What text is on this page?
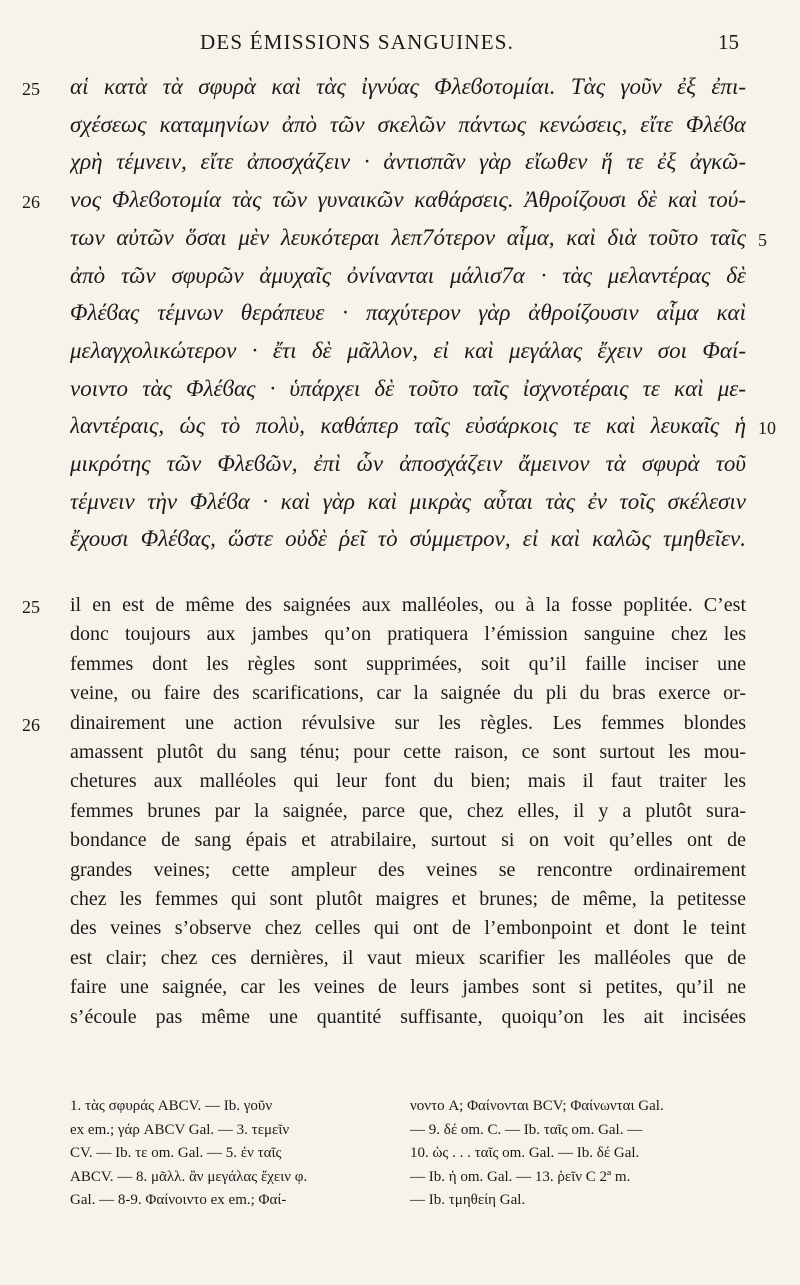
DES ÉMISSIONS SANGUINES.	15
25 αἱ κατὰ τὰ σφυρὰ καὶ τὰς ἰγνύας Φλεϐοτομίαι. Τὰς γοῦν ἐξ ἐπι-
σχέσεως καταμηνίων ἀπὸ τῶν σκελῶν πάντως κενώσεις, εἴτε Φλέϐα
χρὴ τέμνειν, εἴτε ἀποσχάζειν · ἀντισπᾶν γὰρ εἴωθεν ἥ τε ἐξ ἀγκῶ-
26 νος Φλεϐοτομία τὰς τῶν γυναικῶν καθάρσεις. Ἀθροίζουσι δὲ καὶ τού-
των αὐτῶν ὅσαι μὲν λευκότεραι λεπ7ότερον αἷμα, καὶ διὰ τοῦτο ταῖς 5
ἀπὸ τῶν σφυρῶν ἀμυχαῖς ὀνίνανται μάλισ7α · τὰς μελαντέρας δὲ
Φλέϐας τέμνων θεράπευε · παχύτερον γὰρ ἀθροίζουσιν αἷμα καὶ
μελαγχολικώτερον · ἔτι δὲ μᾶλλον, εἰ καὶ μεγάλας ἔχειν σοι Φαί-
νοιντο τὰς Φλέϐας · ὑπάρχει δὲ τοῦτο ταῖς ἰσχνοτέραις τε καὶ με-
λαντέραις, ὡς τὸ πολὺ, καθάπερ ταῖς εὐσάρκοις τε καὶ λευκαῖς ἡ 10
μικρότης τῶν Φλεϐῶν, ἐπὶ ὧν ἀποσχάζειν ἄμεινον τὰ σφυρὰ τοῦ
τέμνειν τὴν Φλέϐα · καὶ γὰρ καὶ μικρὰς αὗται τὰς ἐν τοῖς σκέλεσιν
ἔχουσι Φλέϐας, ὥστε οὐδὲ ῥεῖ τὸ σύμμετρον, εἰ καὶ καλῶς τμηθεῖεν.
25 il en est de même des saignées aux malléoles, ou à la fosse poplitée. C’est
donc toujours aux jambes qu’on pratiquera l’émission sanguine chez les
femmes dont les règles sont supprimées, soit qu’il faille inciser une
veine, ou faire des scarifications, car la saignée du pli du bras exerce or-
26 dinairement une action révulsive sur les règles. Les femmes blondes
amassent plutôt du sang ténu; pour cette raison, ce sont surtout les mou-
chetures aux malléoles qui leur font du bien; mais il faut traiter les
femmes brunes par la saignée, parce que, chez elles, il y a plutôt sura-
bondance de sang épais et atrabilaire, surtout si on voit qu’elles ont de
grandes veines; cette ampleur des veines se rencontre ordinairement
chez les femmes qui sont plutôt maigres et brunes; de même, la petitesse
des veines s’observe chez celles qui ont de l’embonpoint et dont le teint
est clair; chez ces dernières, il vaut mieux scarifier les malléoles que de
faire une saignée, car les veines de leurs jambes sont si petites, qu’il ne
s’écoule pas même une quantité suffisante, quoiqu’on les ait incisées
1. τὰς σφυράς ABCV. — Ib. γοῦν
ex em.; γάρ ABCV Gal. — 3. τεμεῖν
CV. — Ib. τε om. Gal. — 5. ἐν ταῖς
ABCV. — 8. μᾶλλ. ἂν μεγάλας ἔχειν φ.
Gal. — 8-9. Φαίνοιντο ex em.; Φαί-
νοντο A; Φαίνονται BCV; Φαίνωνται Gal.
— 9. δέ om. C. — Ib. ταῖς om. Gal. —
10. ὡς . . . ταῖς om. Gal. — Ib. δέ Gal.
— Ib. ἡ om. Gal. — 13. ῥεῖν C 2ª m.
— Ib. τμηθείη Gal.
